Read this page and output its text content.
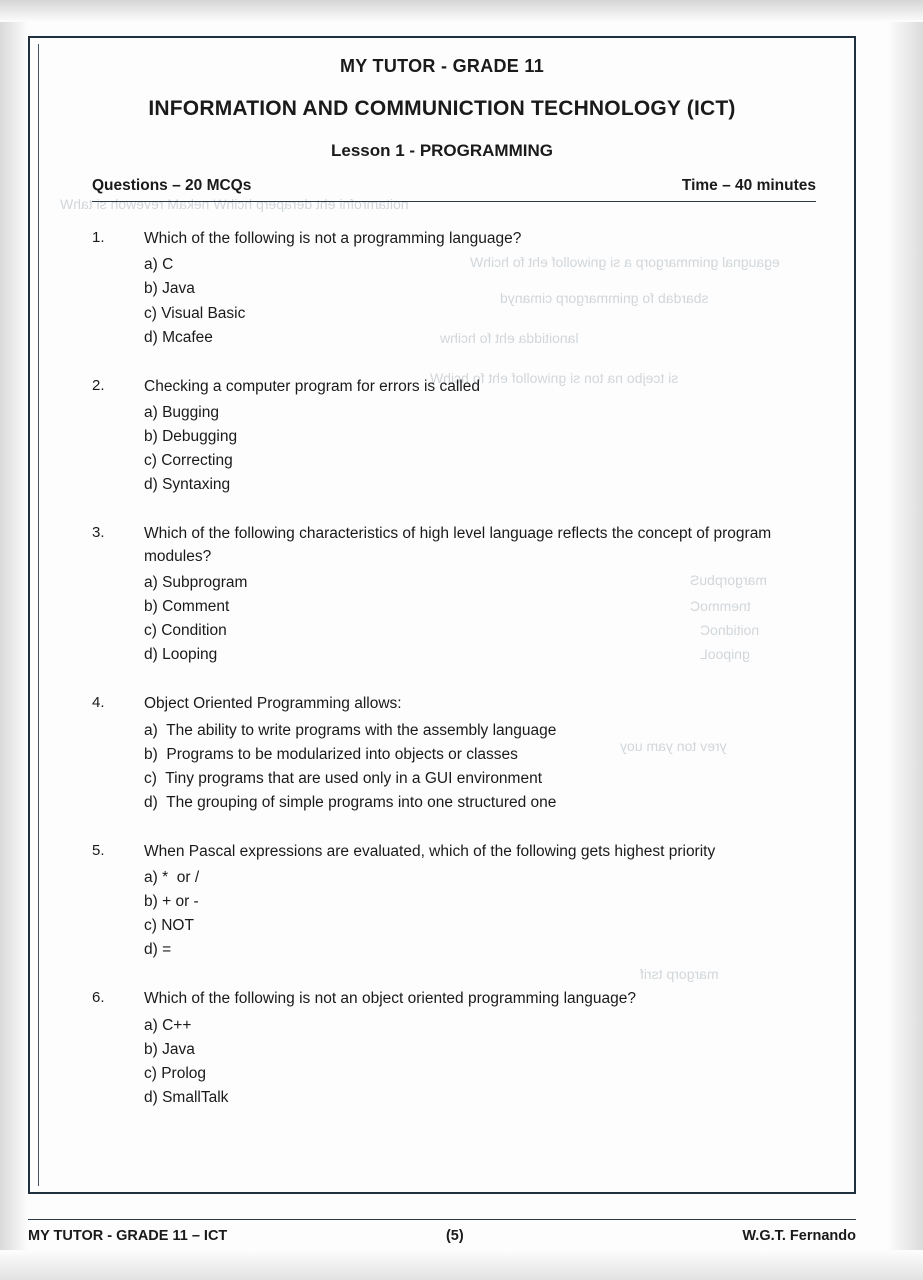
noitamrofni eht deraperp hcihW nekaM revewoh si tahW
egaugnal gnimmargorp a si gniwollof eht fo hcihW
sbardab fo gnimmargorp cimanyd
lanoitidda eht fo hcihw
si tcejbo na ton si gniwollof eht fo hcihW
margorpbuS
tnemmoC
noitidnoC
gnipooL
yrev ton yam uoy
margorp tsrif
MY TUTOR - GRADE 11
INFORMATION AND COMMUNICTION TECHNOLOGY (ICT)
Lesson 1 - PROGRAMMING
Questions – 20 MCQs	Time – 40 minutes
1.	Which of the following is not a programming language?
a) C
b) Java
c) Visual Basic
d) Mcafee
2.	Checking a computer program for errors is called
a) Bugging
b) Debugging
c) Correcting
d) Syntaxing
3.	Which of the following characteristics of high level language reflects the concept of program modules?
a) Subprogram
b) Comment
c) Condition
d) Looping
4.	Object Oriented Programming allows:
a)  The ability to write programs with the assembly language
b)  Programs to be modularized into objects or classes
c)  Tiny programs that are used only in a GUI environment
d)  The grouping of simple programs into one structured one
5.	When Pascal expressions are evaluated, which of the following gets highest priority
a) *  or /
b) + or -
c) NOT
d) =
6.	Which of the following is not an object oriented programming language?
a) C++
b) Java
c) Prolog
d) SmallTalk
MY TUTOR - GRADE 11 – ICT	(5)	W.G.T. Fernando
